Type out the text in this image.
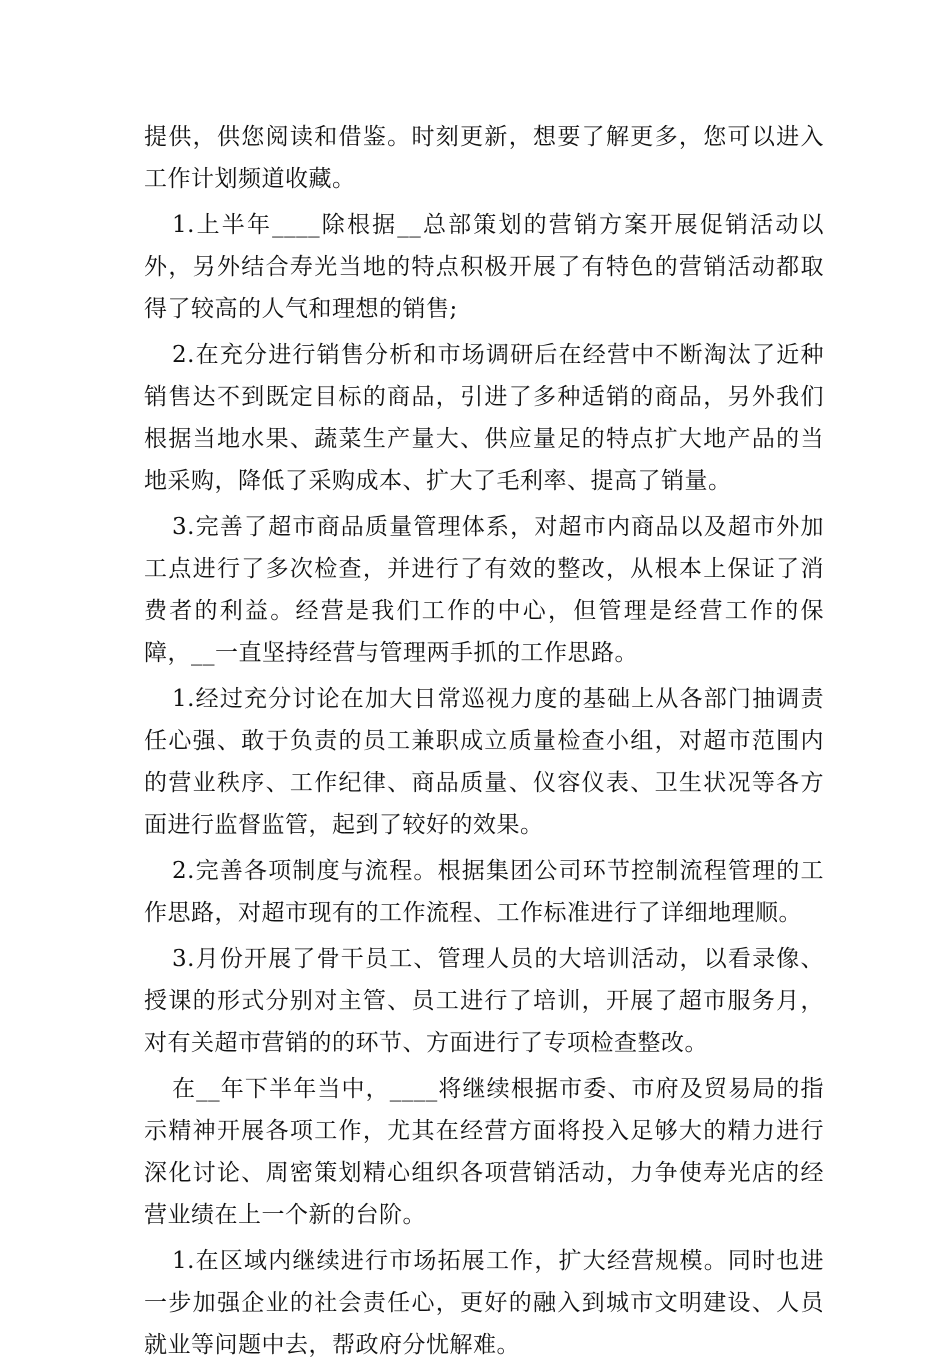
提供，供您阅读和借鉴。时刻更新，想要了解更多，您可以进入工作计划频道收藏。

1.上半年____除根据__总部策划的营销方案开展促销活动以外，另外结合寿光当地的特点积极开展了有特色的营销活动都取得了较高的人气和理想的销售;

2.在充分进行销售分析和市场调研后在经营中不断淘汰了近种销售达不到既定目标的商品，引进了多种适销的商品，另外我们根据当地水果、蔬菜生产量大、供应量足的特点扩大地产品的当地采购，降低了采购成本、扩大了毛利率、提高了销量。

3.完善了超市商品质量管理体系，对超市内商品以及超市外加工点进行了多次检查，并进行了有效的整改，从根本上保证了消费者的利益。经营是我们工作的中心，但管理是经营工作的保障，__一直坚持经营与管理两手抓的工作思路。

1.经过充分讨论在加大日常巡视力度的基础上从各部门抽调责任心强、敢于负责的员工兼职成立质量检查小组，对超市范围内的营业秩序、工作纪律、商品质量、仪容仪表、卫生状况等各方面进行监督监管，起到了较好的效果。

2.完善各项制度与流程。根据集团公司环节控制流程管理的工作思路，对超市现有的工作流程、工作标准进行了详细地理顺。

3.月份开展了骨干员工、管理人员的大培训活动，以看录像、授课的形式分别对主管、员工进行了培训，开展了超市服务月，对有关超市营销的的环节、方面进行了专项检查整改。

在__年下半年当中，____将继续根据市委、市府及贸易局的指示精神开展各项工作，尤其在经营方面将投入足够大的精力进行深化讨论、周密策划精心组织各项营销活动，力争使寿光店的经营业绩在上一个新的台阶。

1.在区域内继续进行市场拓展工作，扩大经营规模。同时也进一步加强企业的社会责任心，更好的融入到城市文明建设、人员就业等问题中去，帮政府分忧解难。
